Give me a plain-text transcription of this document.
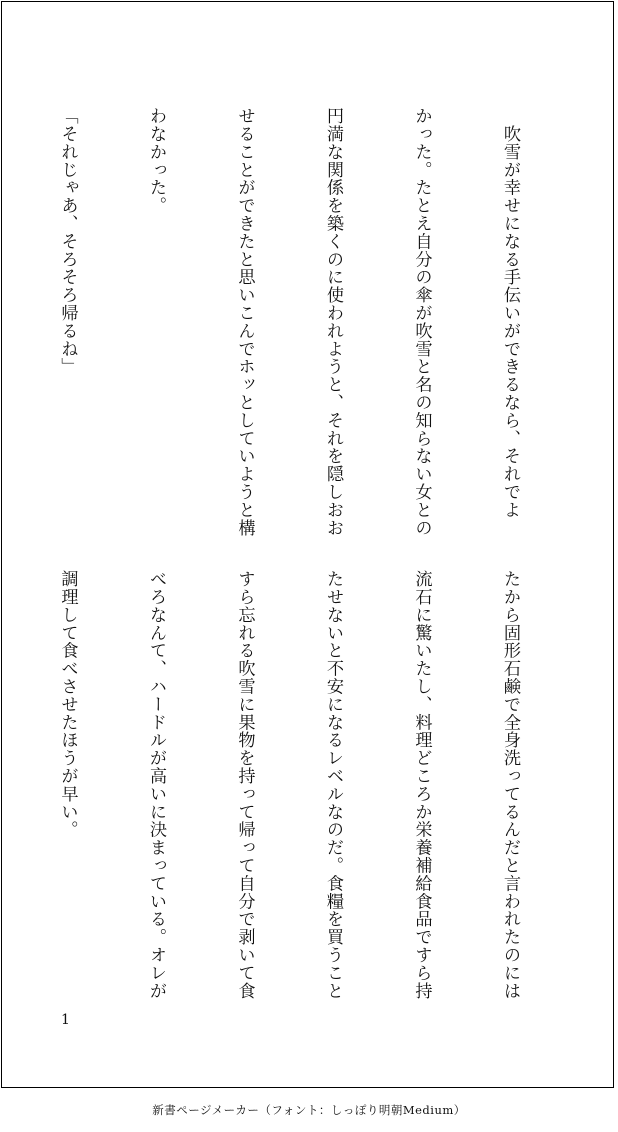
　吹雪が幸せになる手伝いができるなら、それでよ

かった。たとえ自分の傘が吹雪と名の知らない女との

円満な関係を築くのに使われようと、それを隠しおお

せることができたと思いこんでホッとしていようと構

わなかった。

「それじゃあ、そろそろ帰るね」

たから固形石鹸で全身洗ってるんだと言われたのには

流石に驚いたし、料理どころか栄養補給食品ですら持

たせないと不安になるレベルなのだ。食糧を買うこと

すら忘れる吹雪に果物を持って帰って自分で剥いて食

べろなんて、ハードルが高いに決まっている。オレが

調理して食べさせたほうが早い。

1
新書ページメーカー（フォント：しっぽり明朝Medium）
